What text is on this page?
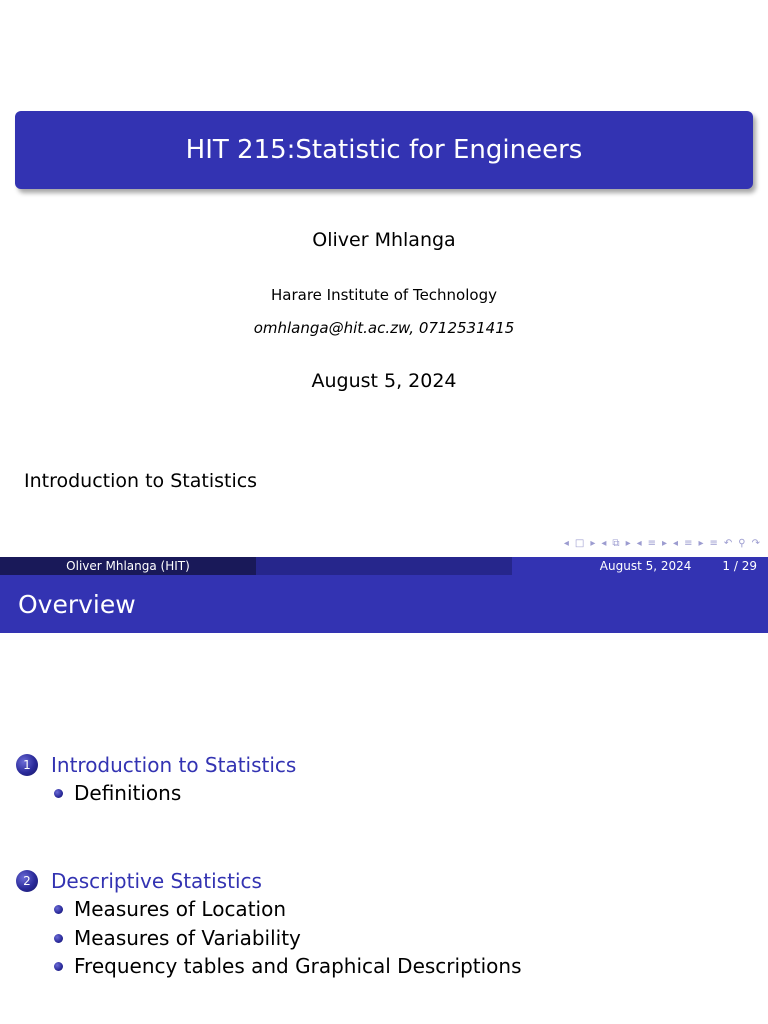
HIT 215:Statistic for Engineers
Oliver Mhlanga
Harare Institute of Technology
omhlanga@hit.ac.zw, 0712531415
August 5, 2024
Introduction to Statistics
◂ □ ▸ ◂ ⧉ ▸ ◂ ≡ ▸ ◂ ≡ ▸ ≡ ↶ ⚲ ↷
Oliver Mhlanga (HIT)	August 5, 2024	1 / 29
Overview
1	Introduction to Statistics
Definitions
2	Descriptive Statistics
Measures of Location
Measures of Variability
Frequency tables and Graphical Descriptions
